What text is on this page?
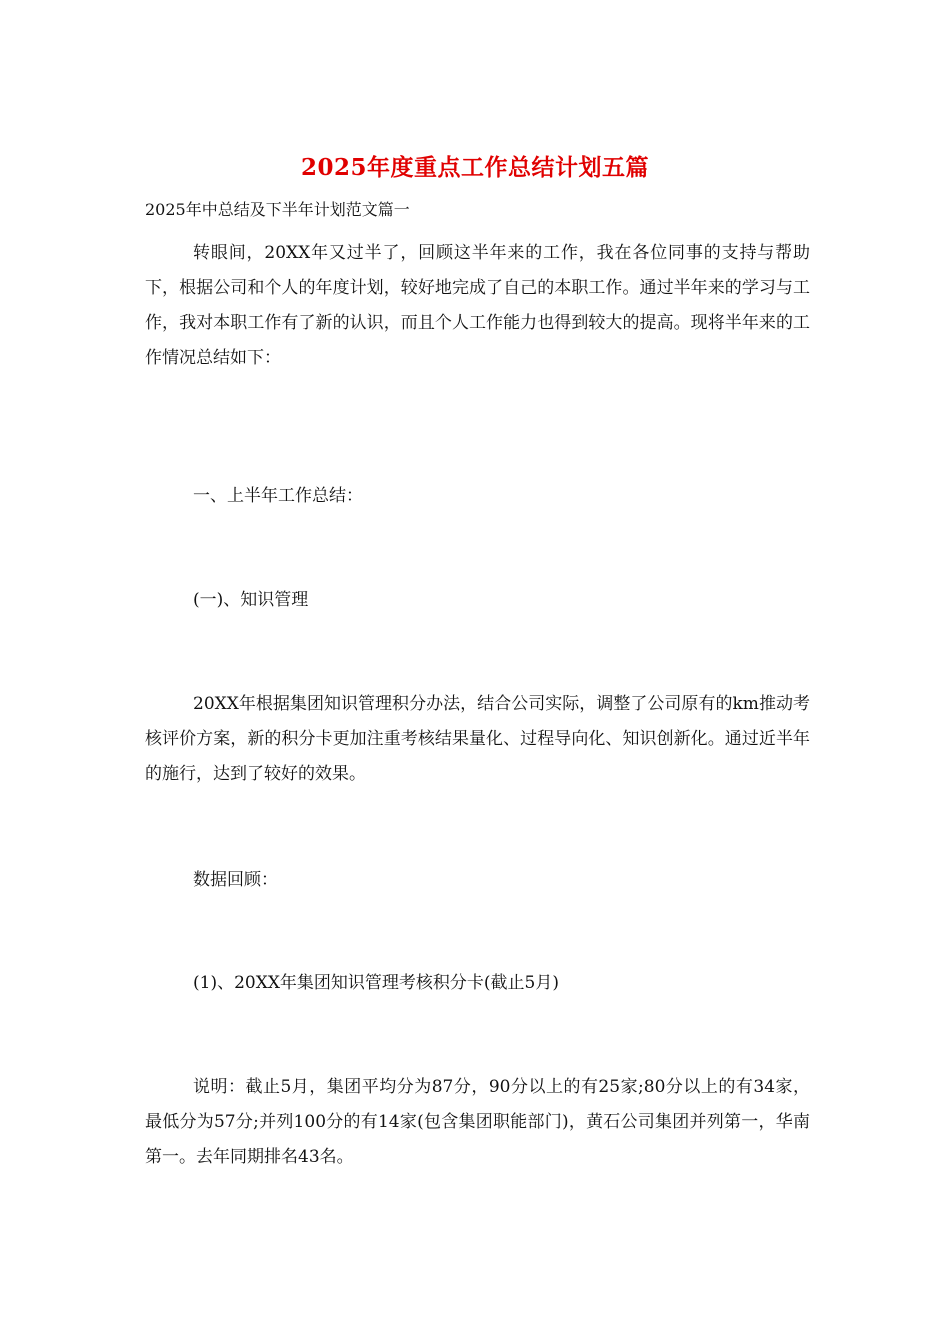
2025年度重点工作总结计划五篇
2025年中总结及下半年计划范文篇一

转眼间，20XX年又过半了，回顾这半年来的工作，我在各位同事的支持与帮助下，根据公司和个人的年度计划，较好地完成了自己的本职工作。通过半年来的学习与工作，我对本职工作有了新的认识，而且个人工作能力也得到较大的提高。现将半年来的工作情况总结如下：

一、上半年工作总结：

(一)、知识管理

20XX年根据集团知识管理积分办法，结合公司实际，调整了公司原有的km推动考核评价方案，新的积分卡更加注重考核结果量化、过程导向化、知识创新化。通过近半年的施行，达到了较好的效果。

数据回顾：

(1)、20XX年集团知识管理考核积分卡(截止5月)

说明：截止5月，集团平均分为87分，90分以上的有25家;80分以上的有34家，最低分为57分;并列100分的有14家(包含集团职能部门)，黄石公司集团并列第一，华南第一。去年同期排名43名。
